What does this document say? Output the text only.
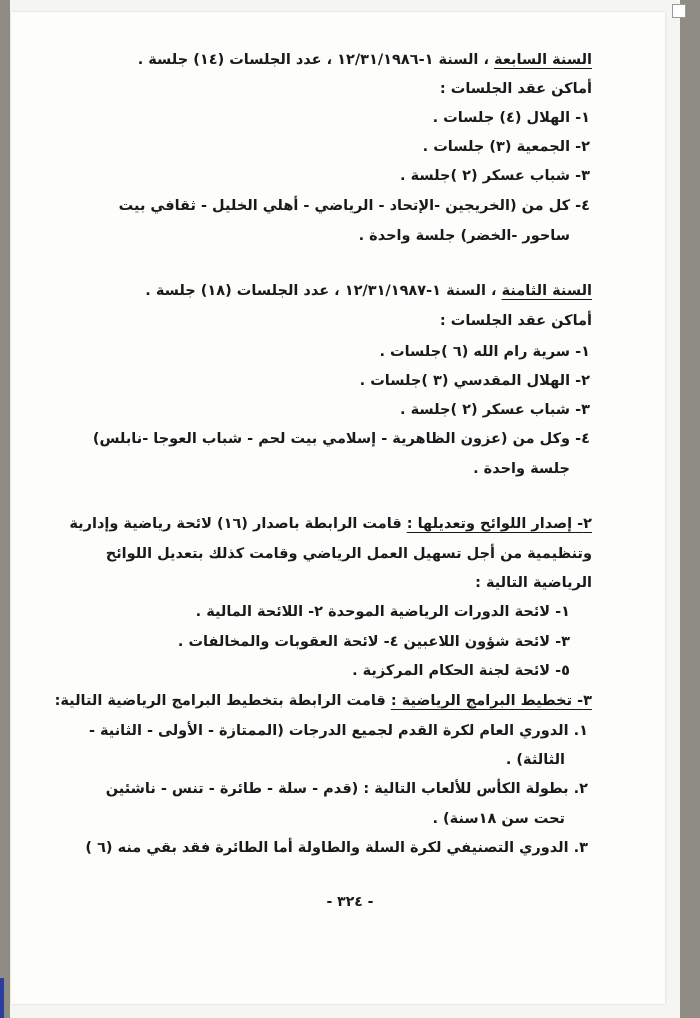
السنة السابعة ، السنة ١-١٢/٣١/١٩٨٦ ، عدد الجلسات (١٤) جلسة .
أماكن عقد الجلسات :
١- الهلال (٤) جلسات .
٢- الجمعية (٣) جلسات .
٣- شباب عسكر (٢ )جلسة .
٤- كل من (الخريجين -الإتحاد - الرياضي - أهلي الخليل - ثقافي بيت
ساحور -الخضر) جلسة واحدة .
السنة الثامنة ، السنة ١-١٢/٣١/١٩٨٧ ، عدد الجلسات (١٨) جلسة .
أماكن عقد الجلسات :
١- سرية رام الله (٦ )جلسات .
٢- الهلال المقدسي (٣ )جلسات .
٣- شباب عسكر (٢ )جلسة .
٤- وكل من (عزون الظاهرية - إسلامي بيت لحم - شباب العوجا -نابلس)
جلسة واحدة .
٢- إصدار اللوائح وتعديلها : قامت الرابطة باصدار (١٦) لائحة رياضية وإدارية
وتنظيمية من أجل تسهيل العمل الرياضي وقامت كذلك بتعديل اللوائح
الرياضية التالية :
١- لائحة الدورات الرياضية الموحدة ٢- اللائحة المالية .
٣- لائحة شؤون اللاعبين ٤- لائحة العقوبات والمخالفات .
٥- لائحة لجنة الحكام المركزية .
٣- تخطيط البرامج الرياضية : قامت الرابطة بتخطيط البرامج الرياضية التالية:
١. الدوري العام لكرة القدم لجميع الدرجات (الممتازة - الأولى - الثانية -
الثالثة) .
٢. بطولة الكأس للألعاب التالية : (قدم - سلة - طائرة - تنس - ناشئين
تحت سن ١٨سنة) .
٣. الدوري التصنيفي لكرة السلة والطاولة أما الطائرة فقد بقي منه (٦ )
- ٣٢٤ -
